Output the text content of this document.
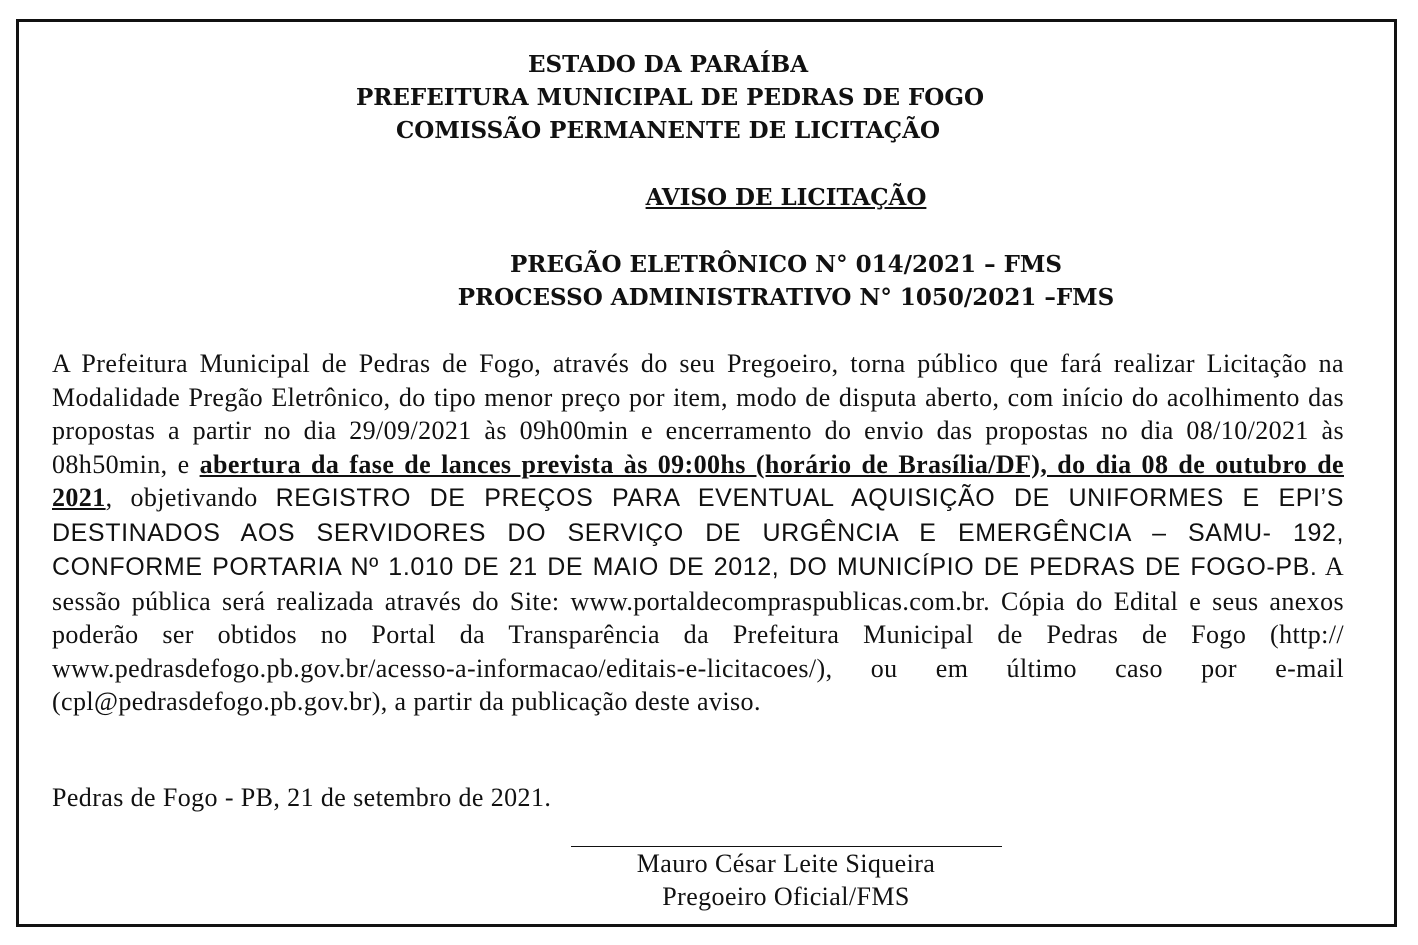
ESTADO DA PARAÍBA
PREFEITURA MUNICIPAL DE PEDRAS DE FOGO
COMISSÃO PERMANENTE DE LICITAÇÃO
AVISO DE LICITAÇÃO
PREGÃO ELETRÔNICO N° 014/2021 – FMS
PROCESSO ADMINISTRATIVO N° 1050/2021 –FMS
A Prefeitura Municipal de Pedras de Fogo, através do seu Pregoeiro, torna público que fará realizar Licitação na Modalidade Pregão Eletrônico, do tipo menor preço por item, modo de disputa aberto, com início do acolhimento das propostas a partir no dia 29/09/2021 às 09h00min e encerramento do envio das propostas no dia 08/10/2021 às 08h50min, e abertura da fase de lances prevista às 09:00hs (horário de Brasília/DF), do dia 08 de outubro de 2021, objetivando REGISTRO DE PREÇOS PARA EVENTUAL AQUISIÇÃO DE UNIFORMES E EPI’S DESTINADOS AOS SERVIDORES DO SERVIÇO DE URGÊNCIA E EMERGÊNCIA – SAMU- 192, CONFORME PORTARIA Nº 1.010 DE 21 DE MAIO DE 2012, DO MUNICÍPIO DE PEDRAS DE FOGO-PB. A sessão pública será realizada através do Site: www.portaldecompraspublicas.com.br. Cópia do Edital e seus anexos poderão ser obtidos no Portal da Transparência da Prefeitura Municipal de Pedras de Fogo (http:// www.pedrasdefogo.pb.gov.br/acesso-a-informacao/editais-e-licitacoes/), ou em último caso por e-mail (cpl@pedrasdefogo.pb.gov.br), a partir da publicação deste aviso.
Pedras de Fogo - PB, 21 de setembro de 2021.
Mauro César Leite Siqueira
Pregoeiro Oficial/FMS
